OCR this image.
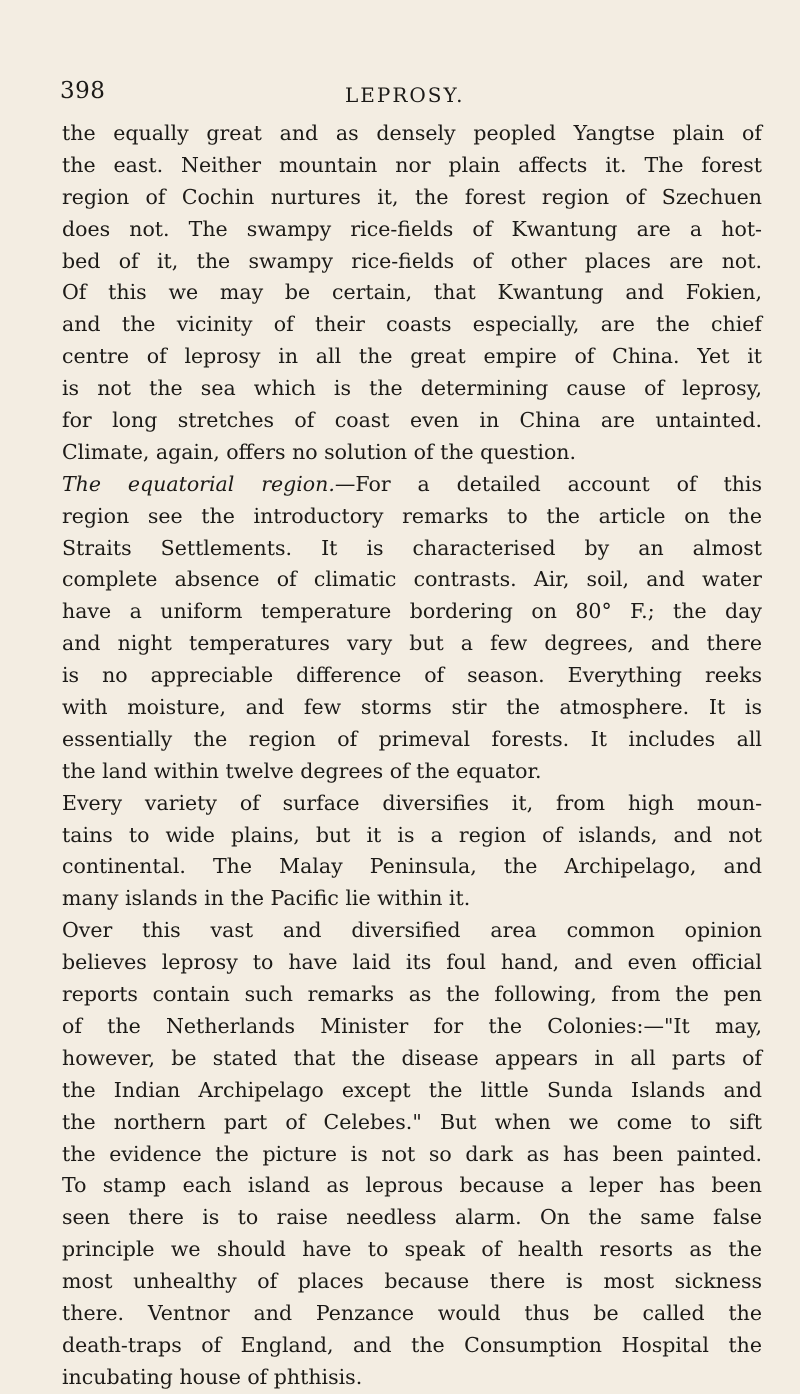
398	LEPROSY.
the equally great and as densely peopled Yangtse plain of
the east. Neither mountain nor plain affects it. The forest
region of Cochin nurtures it, the forest region of Szechuen
does not. The swampy rice-fields of Kwantung are a hot-
bed of it, the swampy rice-fields of other places are not.
Of this we may be certain, that Kwantung and Fokien,
and the vicinity of their coasts especially, are the chief
centre of leprosy in all the great empire of China. Yet it
is not the sea which is the determining cause of leprosy,
for long stretches of coast even in China are untainted.
Climate, again, offers no solution of the question.
The equatorial region.—For a detailed account of this
region see the introductory remarks to the article on the
Straits Settlements. It is characterised by an almost
complete absence of climatic contrasts. Air, soil, and water
have a uniform temperature bordering on 80° F.; the day
and night temperatures vary but a few degrees, and there
is no appreciable difference of season. Everything reeks
with moisture, and few storms stir the atmosphere. It is
essentially the region of primeval forests. It includes all
the land within twelve degrees of the equator.
Every variety of surface diversifies it, from high moun-
tains to wide plains, but it is a region of islands, and not
continental. The Malay Peninsula, the Archipelago, and
many islands in the Pacific lie within it.
Over this vast and diversified area common opinion
believes leprosy to have laid its foul hand, and even official
reports contain such remarks as the following, from the pen
of the Netherlands Minister for the Colonies:—"It may,
however, be stated that the disease appears in all parts of
the Indian Archipelago except the little Sunda Islands and
the northern part of Celebes." But when we come to sift
the evidence the picture is not so dark as has been painted.
To stamp each island as leprous because a leper has been
seen there is to raise needless alarm. On the same false
principle we should have to speak of health resorts as the
most unhealthy of places because there is most sickness
there. Ventnor and Penzance would thus be called the
death-traps of England, and the Consumption Hospital the
incubating house of phthisis.
